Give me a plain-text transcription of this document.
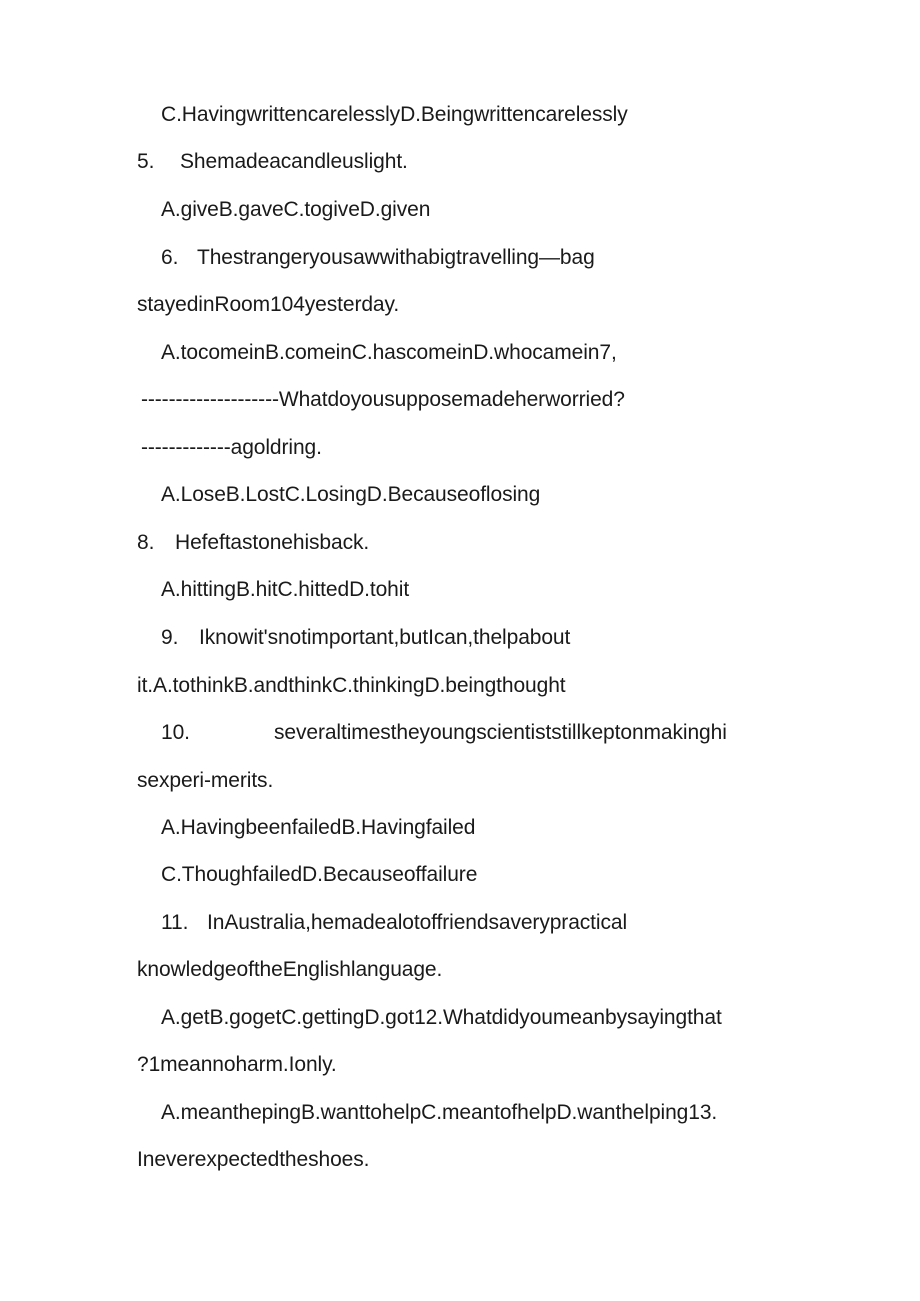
C.HavingwrittencarelesslyD.Beingwrittencarelessly
5. Shemadeacandleuslight.
A.giveB.gaveC.togiveD.given
6. Thestrangeryousawwithabigtravelling—bag
stayedinRoom104yesterday.
A.tocomeinB.comeinC.hascomeinD.whocamein7,
--------------------Whatdoyousupposemadeherworried?
-------------agoldring.
A.LoseB.LostC.LosingD.Becauseoflosing
8. Hefeftastonehisback.
A.hittingB.hitC.hittedD.tohit
9. Iknowit'snotimportant,butIcan,thelpabout
it.A.tothinkB.andthinkC.thinkingD.beingthought
10.	severaltimestheyoungscientiststillkeptonmakinghi
sexperi-merits.
A.HavingbeenfailedB.Havingfailed
C.ThoughfailedD.Becauseoffailure
11. InAustralia,hemadealotoffriendsaverypractical
knowledgeoftheEnglishlanguage.
A.getB.gogetC.gettingD.got12.Whatdidyoumeanbysayingthat
?1meannoharm.Ionly.
A.meanthepingB.wanttohelpC.meantofhelpD.wanthelping13.
Ineverexpectedtheshoes.
